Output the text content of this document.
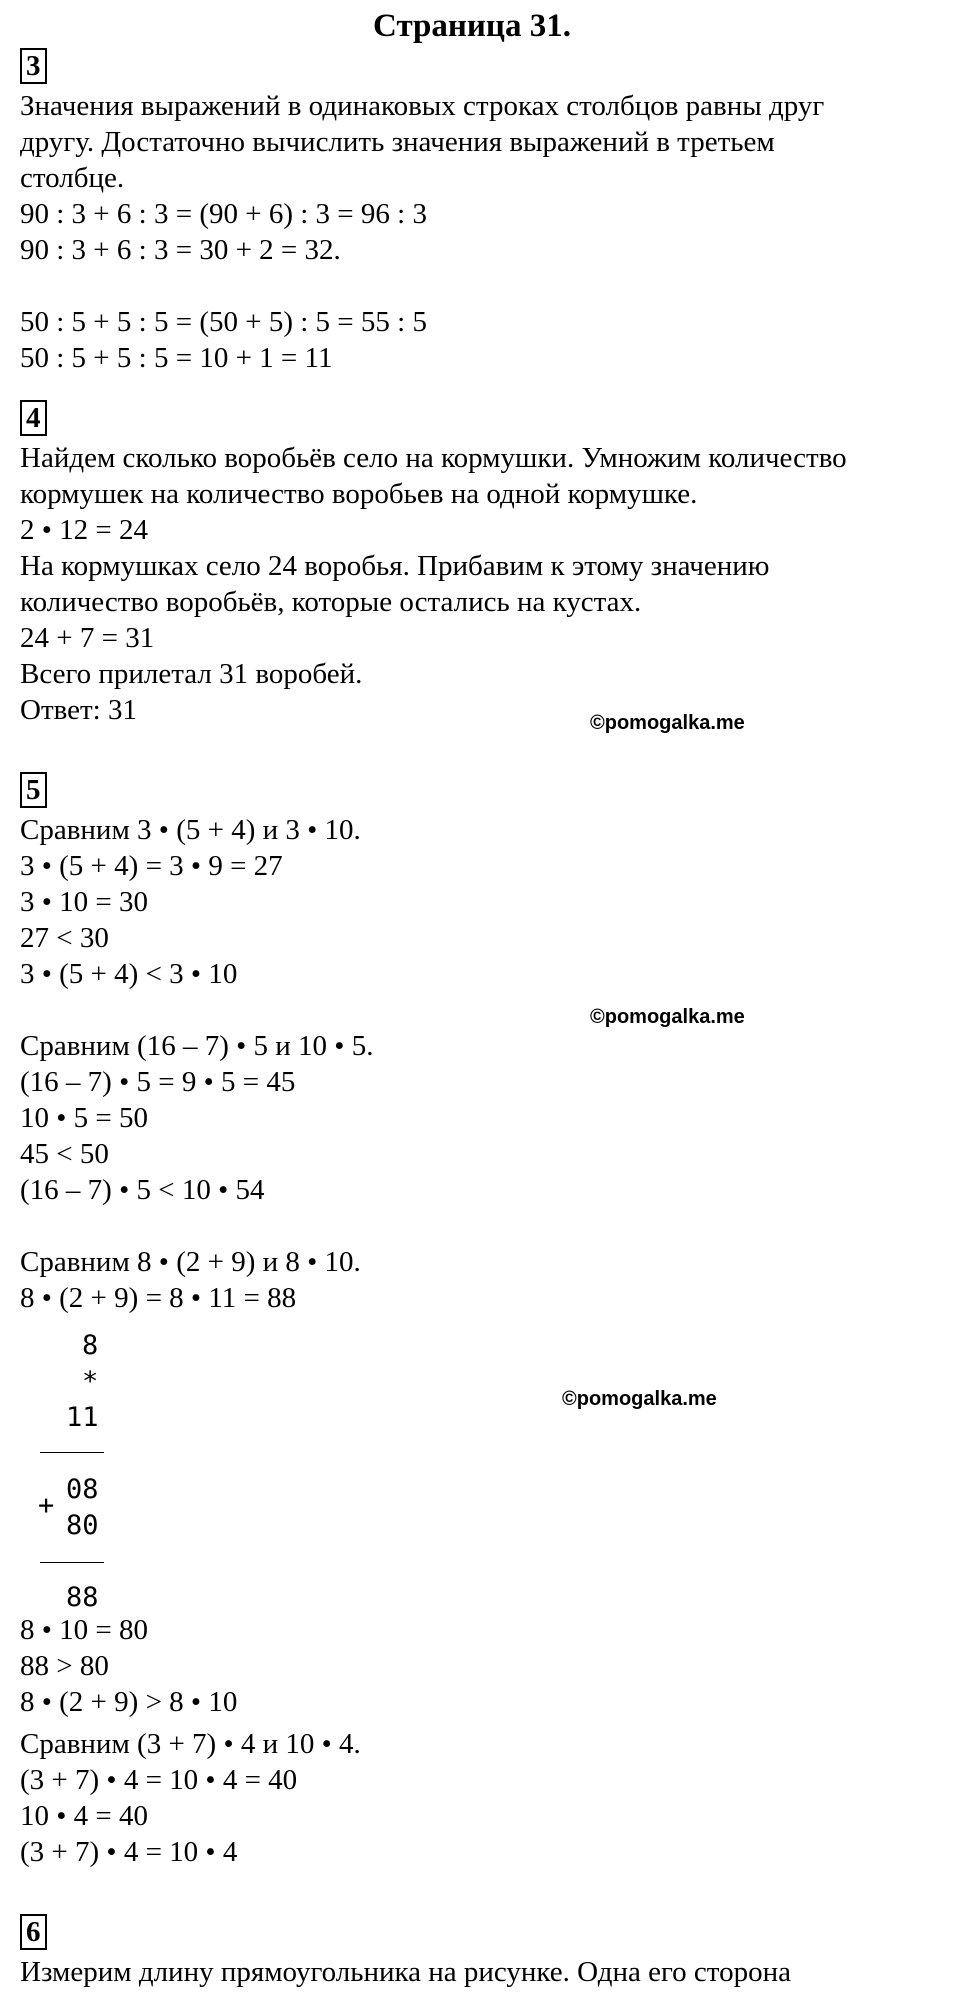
Страница 31.
3
Значения выражений в одинаковых строках столбцов равны друг
другу. Достаточно вычислить значения выражений в третьем
столбце.
90 : 3 + 6 : 3 = (90 + 6) : 3 = 96 : 3
90 : 3 + 6 : 3 = 30 + 2 = 32.
50 : 5 + 5 : 5 = (50 + 5) : 5 = 55 : 5
50 : 5 + 5 : 5 = 10 + 1 = 11
4
Найдем сколько воробьёв село на кормушки. Умножим количество
кормушек на количество воробьев на одной кормушке.
2 • 12 = 24
На кормушках село 24 воробья. Прибавим к этому значению
количество воробьёв, которые остались на кустах.
24 + 7 = 31
Всего прилетал 31 воробей.
Ответ: 31	©pomogalka.me
5
Сравним 3 • (5 + 4) и 3 • 10.
3 • (5 + 4) = 3 • 9 = 27
3 • 10 = 30
27 < 30
3 • (5 + 4) < 3 • 10
Сравним (16 – 7) • 5 и 10 • 5.
(16 – 7) • 5 = 9 • 5 = 45
10 • 5 = 50
45 < 50
(16 – 7) • 5 < 10 • 54
Сравним 8 • (2 + 9) и 8 • 10.
8 • (2 + 9) = 8 • 11 = 88
©pomogalka.me
8
*
11
+
08
80
88
©pomogalka.me
8 • 10 = 80
88 > 80
8 • (2 + 9) > 8 • 10
Сравним (3 + 7) • 4 и 10 • 4.
(3 + 7) • 4 = 10 • 4 = 40
10 • 4 = 40
(3 + 7) • 4 = 10 • 4
6
Измерим длину прямоугольника на рисунке. Одна его сторона
